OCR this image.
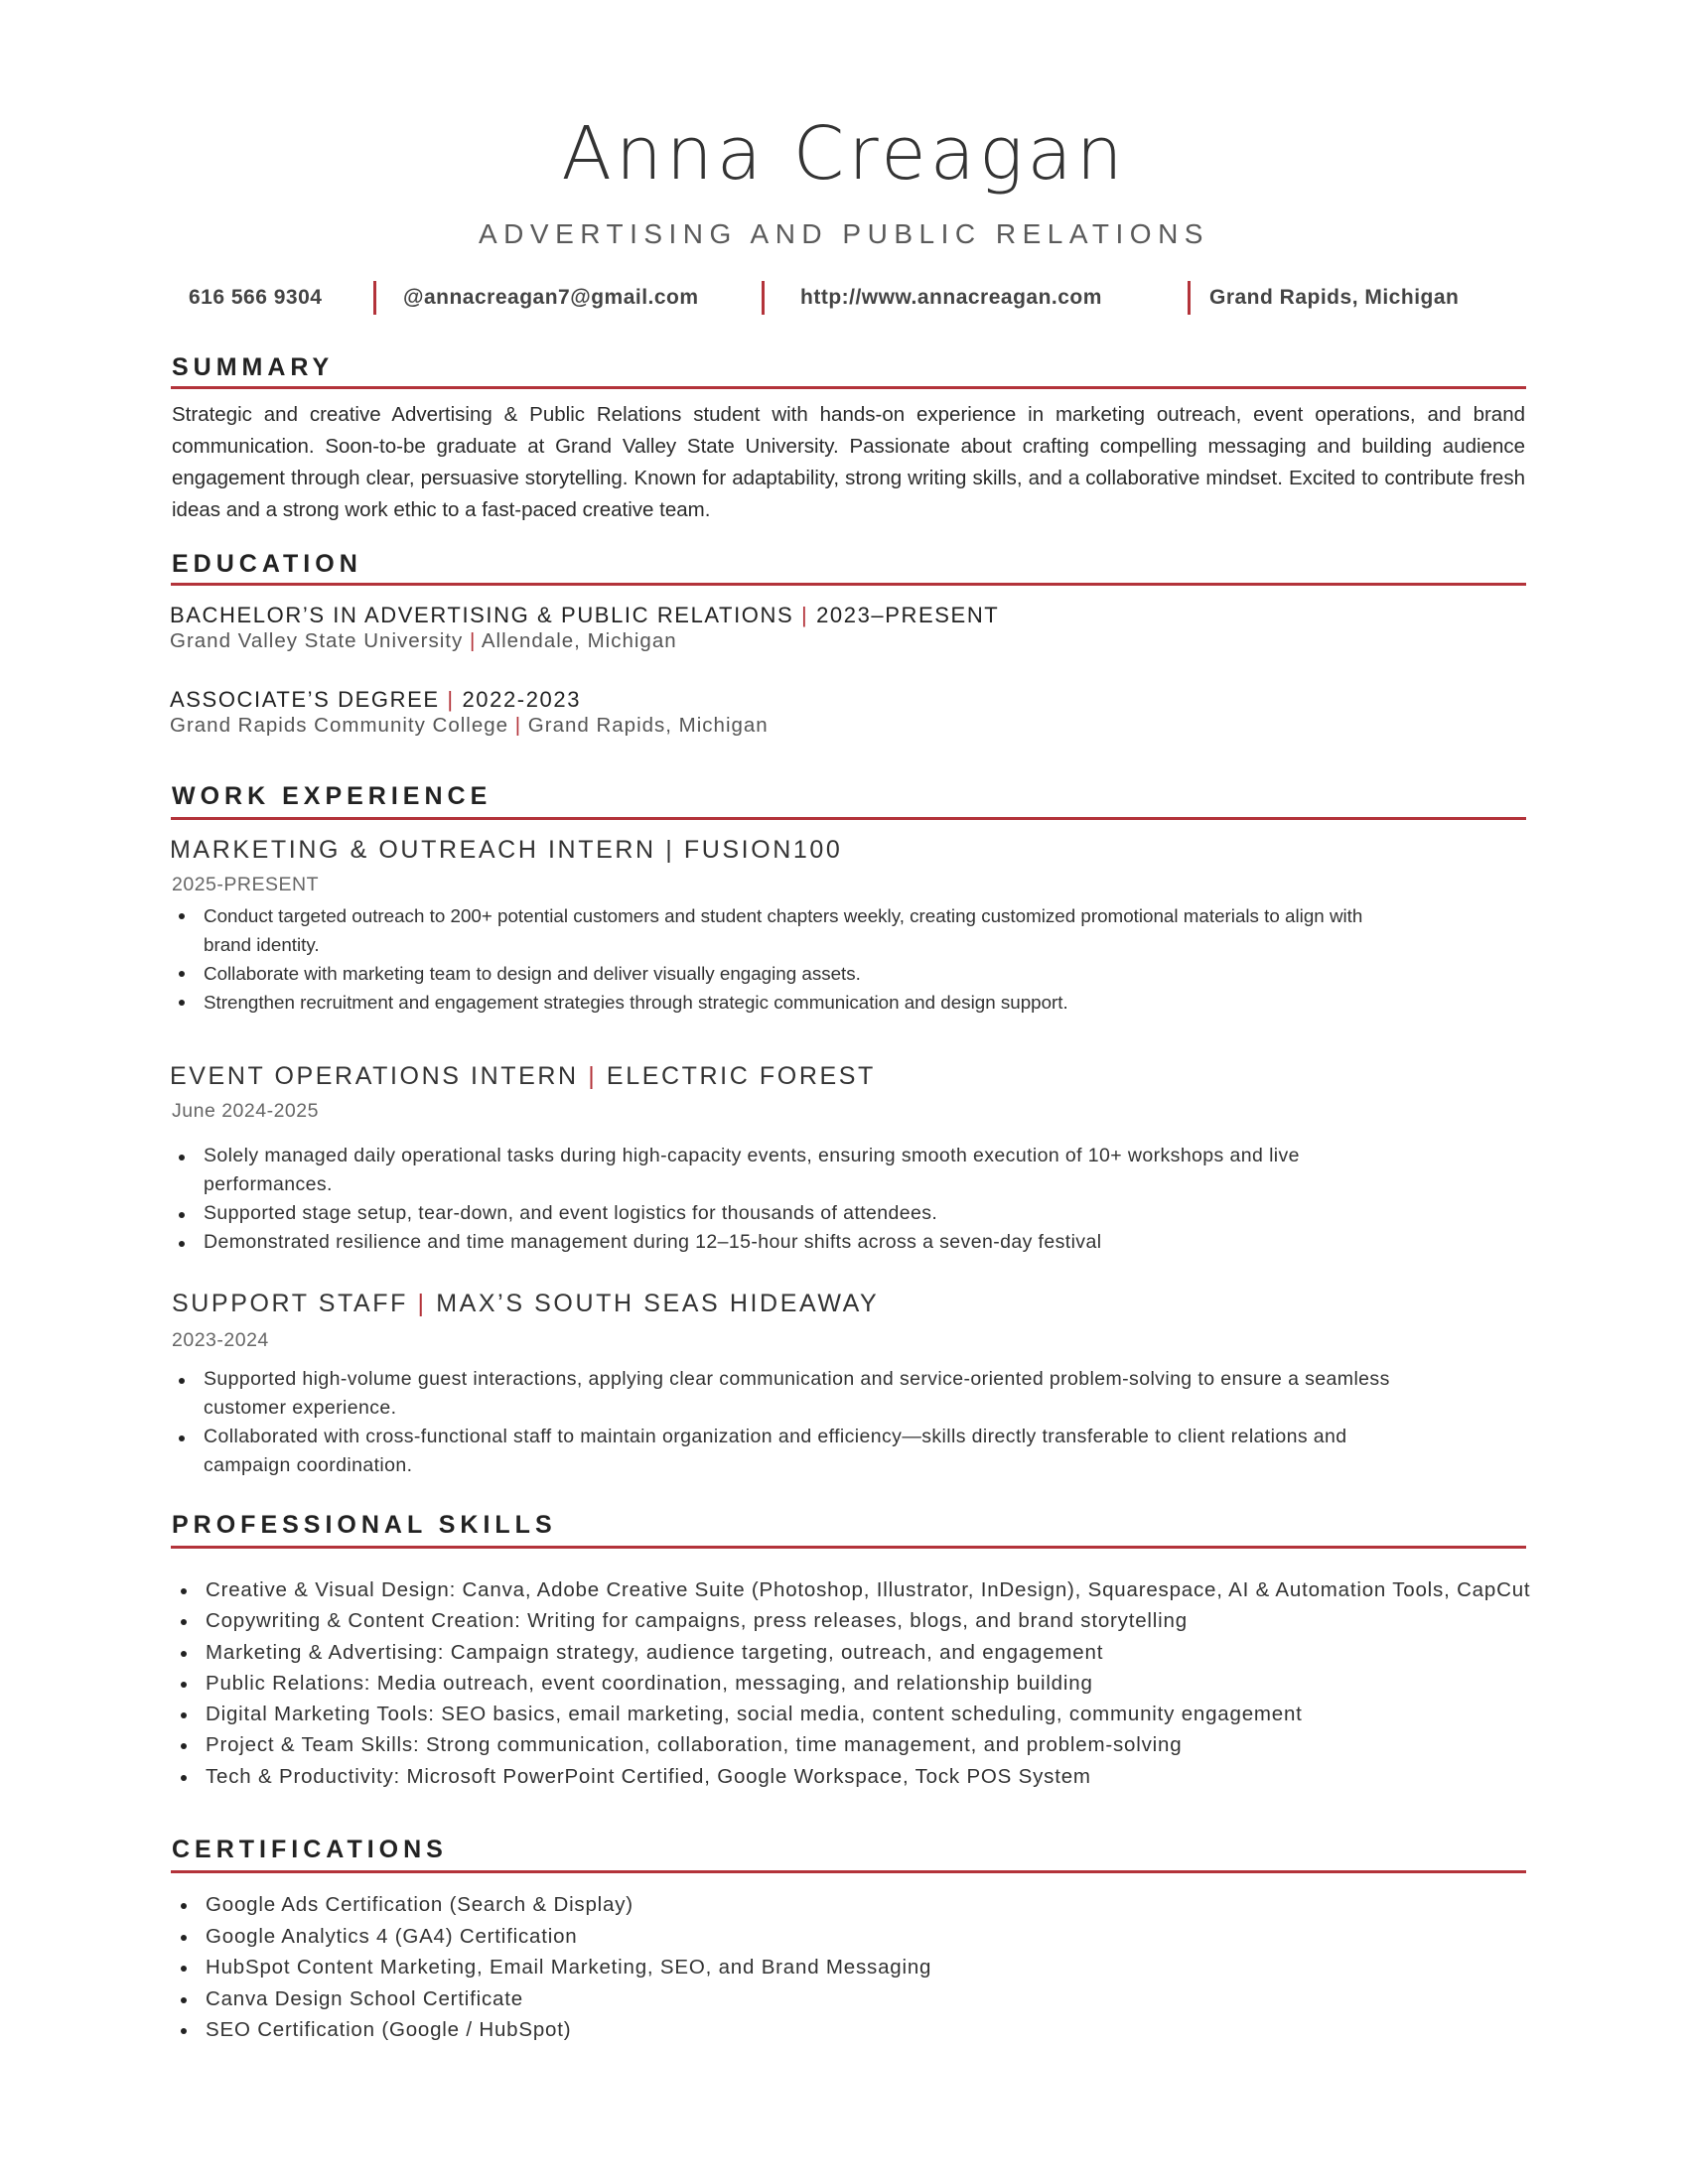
Anna Creagan
ADVERTISING AND PUBLIC RELATIONS
616 566 9304	@annacreagan7@gmail.com	http://www.annacreagan.com	Grand Rapids, Michigan
SUMMARY
Strategic and creative Advertising & Public Relations student with hands-on experience in marketing outreach, event operations, and brand communication. Soon-to-be graduate at Grand Valley State University. Passionate about crafting compelling messaging and building audience engagement through clear, persuasive storytelling. Known for adaptability, strong writing skills, and a collaborative mindset. Excited to contribute fresh ideas and a strong work ethic to a fast-paced creative team.
EDUCATION
BACHELOR’S IN ADVERTISING & PUBLIC RELATIONS | 2023–PRESENT
Grand Valley State University | Allendale, Michigan
ASSOCIATE’S DEGREE | 2022-2023
Grand Rapids Community College | Grand Rapids, Michigan
WORK EXPERIENCE
MARKETING & OUTREACH INTERN | FUSION100
2025-PRESENT
Conduct targeted outreach to 200+ potential customers and student chapters weekly, creating customized promotional materials to align with brand identity.
Collaborate with marketing team to design and deliver visually engaging assets.
Strengthen recruitment and engagement strategies through strategic communication and design support.
EVENT OPERATIONS INTERN | ELECTRIC FOREST
June 2024-2025
Solely managed daily operational tasks during high-capacity events, ensuring smooth execution of 10+ workshops and live performances.
Supported stage setup, tear-down, and event logistics for thousands of attendees.
Demonstrated resilience and time management during 12–15-hour shifts across a seven-day festival
SUPPORT STAFF | MAX’S SOUTH SEAS HIDEAWAY
2023-2024
Supported high-volume guest interactions, applying clear communication and service-oriented problem-solving to ensure a seamless customer experience.
Collaborated with cross-functional staff to maintain organization and efficiency—skills directly transferable to client relations and campaign coordination.
PROFESSIONAL SKILLS
Creative & Visual Design: Canva, Adobe Creative Suite (Photoshop, Illustrator, InDesign), Squarespace, AI & Automation Tools, CapCut
Copywriting & Content Creation: Writing for campaigns, press releases, blogs, and brand storytelling
Marketing & Advertising: Campaign strategy, audience targeting, outreach, and engagement
Public Relations: Media outreach, event coordination, messaging, and relationship building
Digital Marketing Tools: SEO basics, email marketing, social media, content scheduling, community engagement
Project & Team Skills: Strong communication, collaboration, time management, and problem-solving
Tech & Productivity: Microsoft PowerPoint Certified, Google Workspace, Tock POS System
CERTIFICATIONS
Google Ads Certification (Search & Display)
Google Analytics 4 (GA4) Certification
HubSpot Content Marketing, Email Marketing, SEO, and Brand Messaging
Canva Design School Certificate
SEO Certification (Google / HubSpot)
